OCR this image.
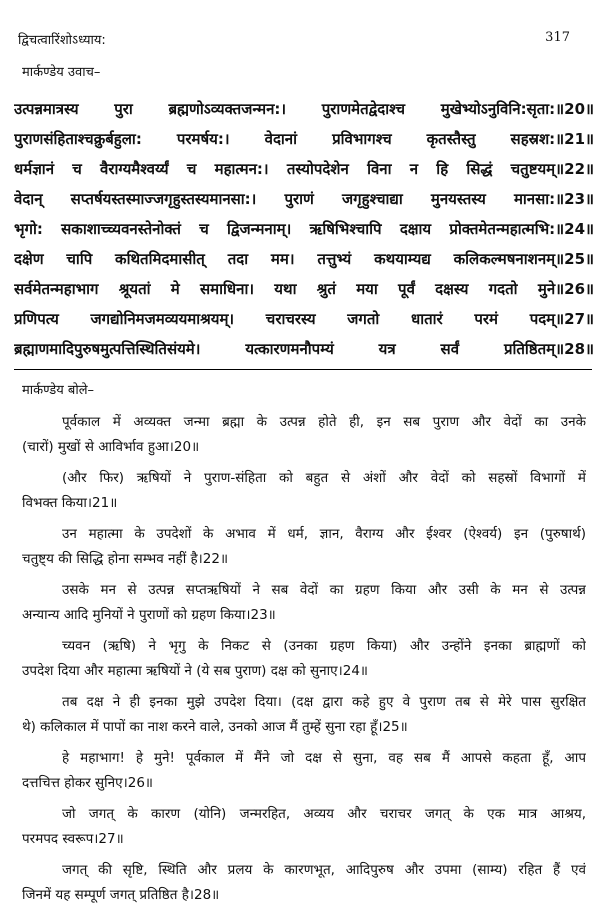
द्विचत्वारिंशोऽध्याय:	317
मार्कण्डेय उवाच–
उत्पन्नमात्रस्य पुरा ब्रह्मणोऽव्यक्तजन्मन:। पुराणमेतद्वेदाश्च मुखेभ्योऽनुविनि:सृता:॥20॥
पुराणसंहिताश्चक्रुर्बहुला: परमर्षय:। वेदानां प्रविभागश्च कृतस्तैस्तु सहस्रश:॥21॥
धर्मज्ञानं च वैराग्यमैश्वर्य्यं च महात्मन:। तस्योपदेशेन विना न हि सिद्धं चतुष्टयम्॥22॥
वेदान् सप्तर्षयस्तस्माज्जगृहुस्तस्यमानसा:। पुराणं जगृहुश्चाद्या मुनयस्तस्य मानसा:॥23॥
भृगो: सकाशाच्च्यवनस्तेनोक्तं च द्विजन्मनाम्। ऋषिभिश्चापि दक्षाय प्रोक्तमेतन्महात्मभि:॥24॥
दक्षेण चापि कथितमिदमासीत् तदा मम। तत्तुभ्यं कथयाम्यद्य कलिकल्मषनाशनम्॥25॥
सर्वमेतन्महाभाग श्रूयतां मे समाधिना। यथा श्रुतं मया पूर्वं दक्षस्य गदतो मुने॥26॥
प्रणिपत्य जगद्योनिमजमव्ययमाश्रयम्। चराचरस्य जगतो धातारं परमं पदम्॥27॥
ब्रह्माणमादिपुरुषमुत्पत्तिस्थितिसंयमे। यत्कारणमनौपम्यं यत्र सर्वं प्रतिष्ठितम्॥28॥
मार्कण्डेय बोले–
पूर्वकाल में अव्यक्त जन्मा ब्रह्मा के उत्पन्न होते ही, इन सब पुराण और वेदों का उनके
(चारों) मुखों से आविर्भाव हुआ।20॥
(और फिर) ऋषियों ने पुराण-संहिता को बहुत से अंशों और वेदों को सहस्रों विभागों में
विभक्त किया।21॥
उन महात्मा के उपदेशों के अभाव में धर्म, ज्ञान, वैराग्य और ईश्वर (ऐश्वर्य) इन (पुरुषार्थ)
चतुष्ट्य की सिद्धि होना सम्भव नहीं है।22॥
उसके मन से उत्पन्न सप्तऋषियों ने सब वेदों का ग्रहण किया और उसी के मन से उत्पन्न
अन्यान्य आदि मुनियों ने पुराणों को ग्रहण किया।23॥
च्यवन (ऋषि) ने भृगु के निकट से (उनका ग्रहण किया) और उन्होंने इनका ब्राह्मणों को
उपदेश दिया और महात्मा ऋषियों ने (ये सब पुराण) दक्ष को सुनाए।24॥
तब दक्ष ने ही इनका मुझे उपदेश दिया। (दक्ष द्वारा कहे हुए वे पुराण तब से मेरे पास सुरक्षित
थे) कलिकाल में पापों का नाश करने वाले, उनको आज मैं तुम्हें सुना रहा हूँ।25॥
हे महाभाग! हे मुने! पूर्वकाल में मैंने जो दक्ष से सुना, वह सब मैं आपसे कहता हूँ, आप
दत्तचित्त होकर सुनिए।26॥
जो जगत् के कारण (योनि) जन्मरहित, अव्यय और चराचर जगत् के एक मात्र आश्रय,
परमपद स्वरूप।27॥
जगत् की सृष्टि, स्थिति और प्रलय के कारणभूत, आदिपुरुष और उपमा (साम्य) रहित हैं एवं
जिनमें यह सम्पूर्ण जगत् प्रतिष्ठित है।28॥
